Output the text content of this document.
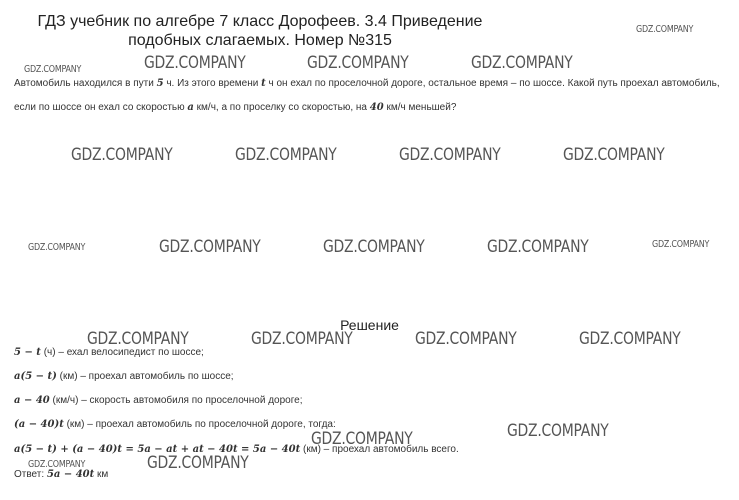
ГДЗ учебник по алгебре 7 класс Дорофеев. 3.4 Приведение
подобных слагаемых. Номер №315
Автомобиль находился в пути 5 ч. Из этого времени t ч он ехал по проселочной дороге, остальное время – по шоссе. Какой путь проехал автомобиль, если по шоссе он ехал со скоростью a км/ч, а по проселку со скоростью, на 40 км/ч меньшей?
Решение
5 − t (ч) – ехал велосипедист по шоссе;
a(5 − t) (км) – проехал автомобиль по шоссе;
a − 40 (км/ч) – скорость автомобиля по проселочной дороге;
(a − 40)t (км) – проехал автомобиль по проселочной дороге, тогда:
a(5 − t) + (a − 40)t = 5a − at + at − 40t = 5a − 40t (км) – проехал автомобиль всего.
Ответ: 5a − 40t км
GDZ.COMPANY
GDZ.COMPANY	GDZ.COMPANY	GDZ.COMPANY	GDZ.COMPANY
GDZ.COMPANY	GDZ.COMPANY	GDZ.COMPANY	GDZ.COMPANY
GDZ.COMPANY	GDZ.COMPANY	GDZ.COMPANY	GDZ.COMPANY	GDZ.COMPANY
GDZ.COMPANY	GDZ.COMPANY	GDZ.COMPANY	GDZ.COMPANY
GDZ.COMPANY	GDZ.COMPANY
GDZ.COMPANY	GDZ.COMPANY
